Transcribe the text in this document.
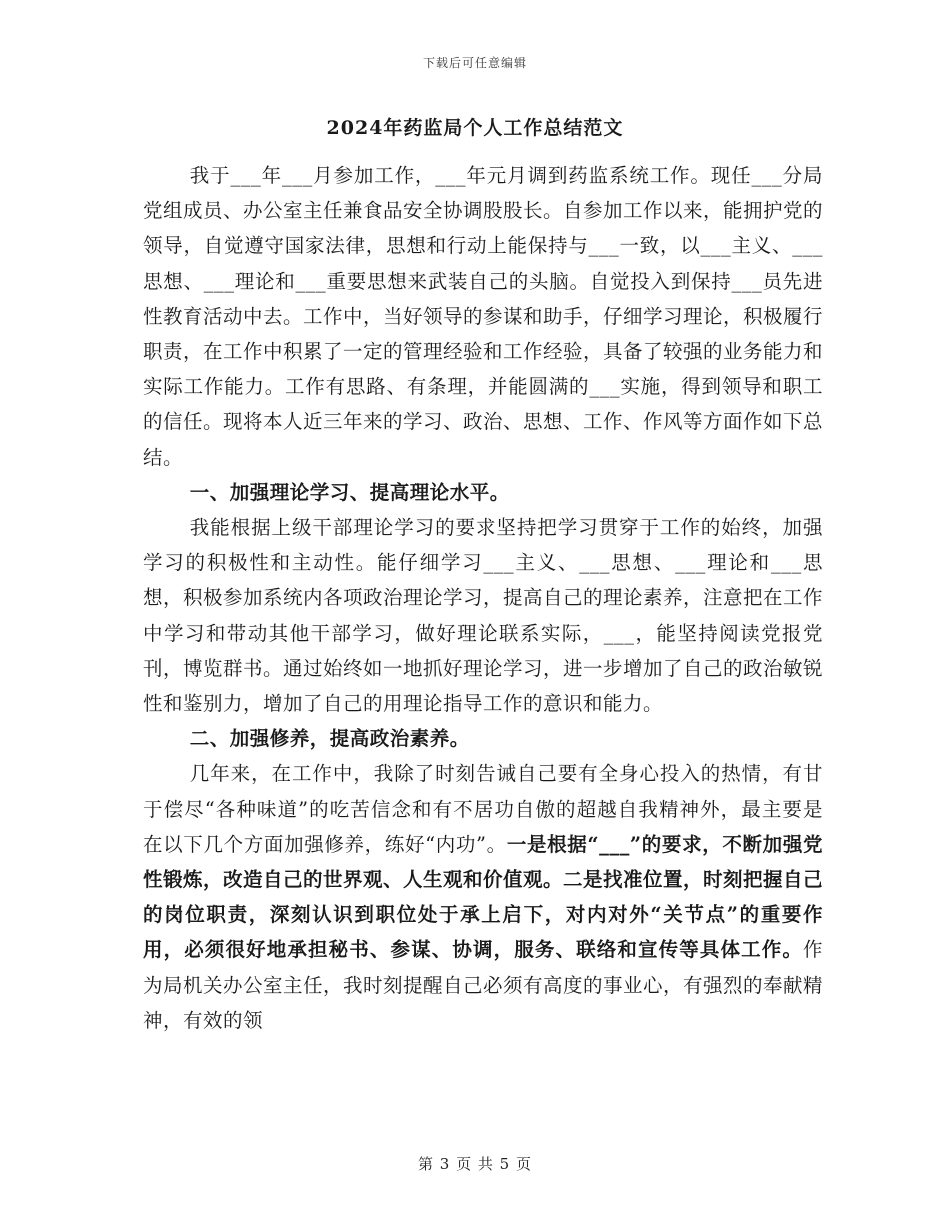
下载后可任意编辑
2024年药监局个人工作总结范文

我于___年___月参加工作，___年元月调到药监系统工作。现任___分局党组成员、办公室主任兼食品安全协调股股长。自参加工作以来，能拥护党的领导，自觉遵守国家法律，思想和行动上能保持与___一致，以___主义、___思想、___理论和___重要思想来武装自己的头脑。自觉投入到保持___员先进性教育活动中去。工作中，当好领导的参谋和助手，仔细学习理论，积极履行职责，在工作中积累了一定的管理经验和工作经验，具备了较强的业务能力和实际工作能力。工作有思路、有条理，并能圆满的___实施，得到领导和职工的信任。现将本人近三年来的学习、政治、思想、工作、作风等方面作如下总结。

一、加强理论学习、提高理论水平。

我能根据上级干部理论学习的要求坚持把学习贯穿于工作的始终，加强学习的积极性和主动性。能仔细学习___主义、___思想、___理论和___思想，积极参加系统内各项政治理论学习，提高自己的理论素养，注意把在工作中学习和带动其他干部学习，做好理论联系实际，___，能坚持阅读党报党刊，博览群书。通过始终如一地抓好理论学习，进一步增加了自己的政治敏锐性和鉴别力，增加了自己的用理论指导工作的意识和能力。

二、加强修养，提高政治素养。

几年来，在工作中，我除了时刻告诫自己要有全身心投入的热情，有甘于偿尽“各种味道”的吃苦信念和有不居功自傲的超越自我精神外，最主要是在以下几个方面加强修养，练好“内功”。一是根据“___”的要求，不断加强党性锻炼，改造自己的世界观、人生观和价值观。二是找准位置，时刻把握自己的岗位职责，深刻认识到职位处于承上启下，对内对外“关节点”的重要作用，必须很好地承担秘书、参谋、协调，服务、联络和宣传等具体工作。作为局机关办公室主任，我时刻提醒自己必须有高度的事业心，有强烈的奉献精神，有效的领

第 3 页 共 5 页
